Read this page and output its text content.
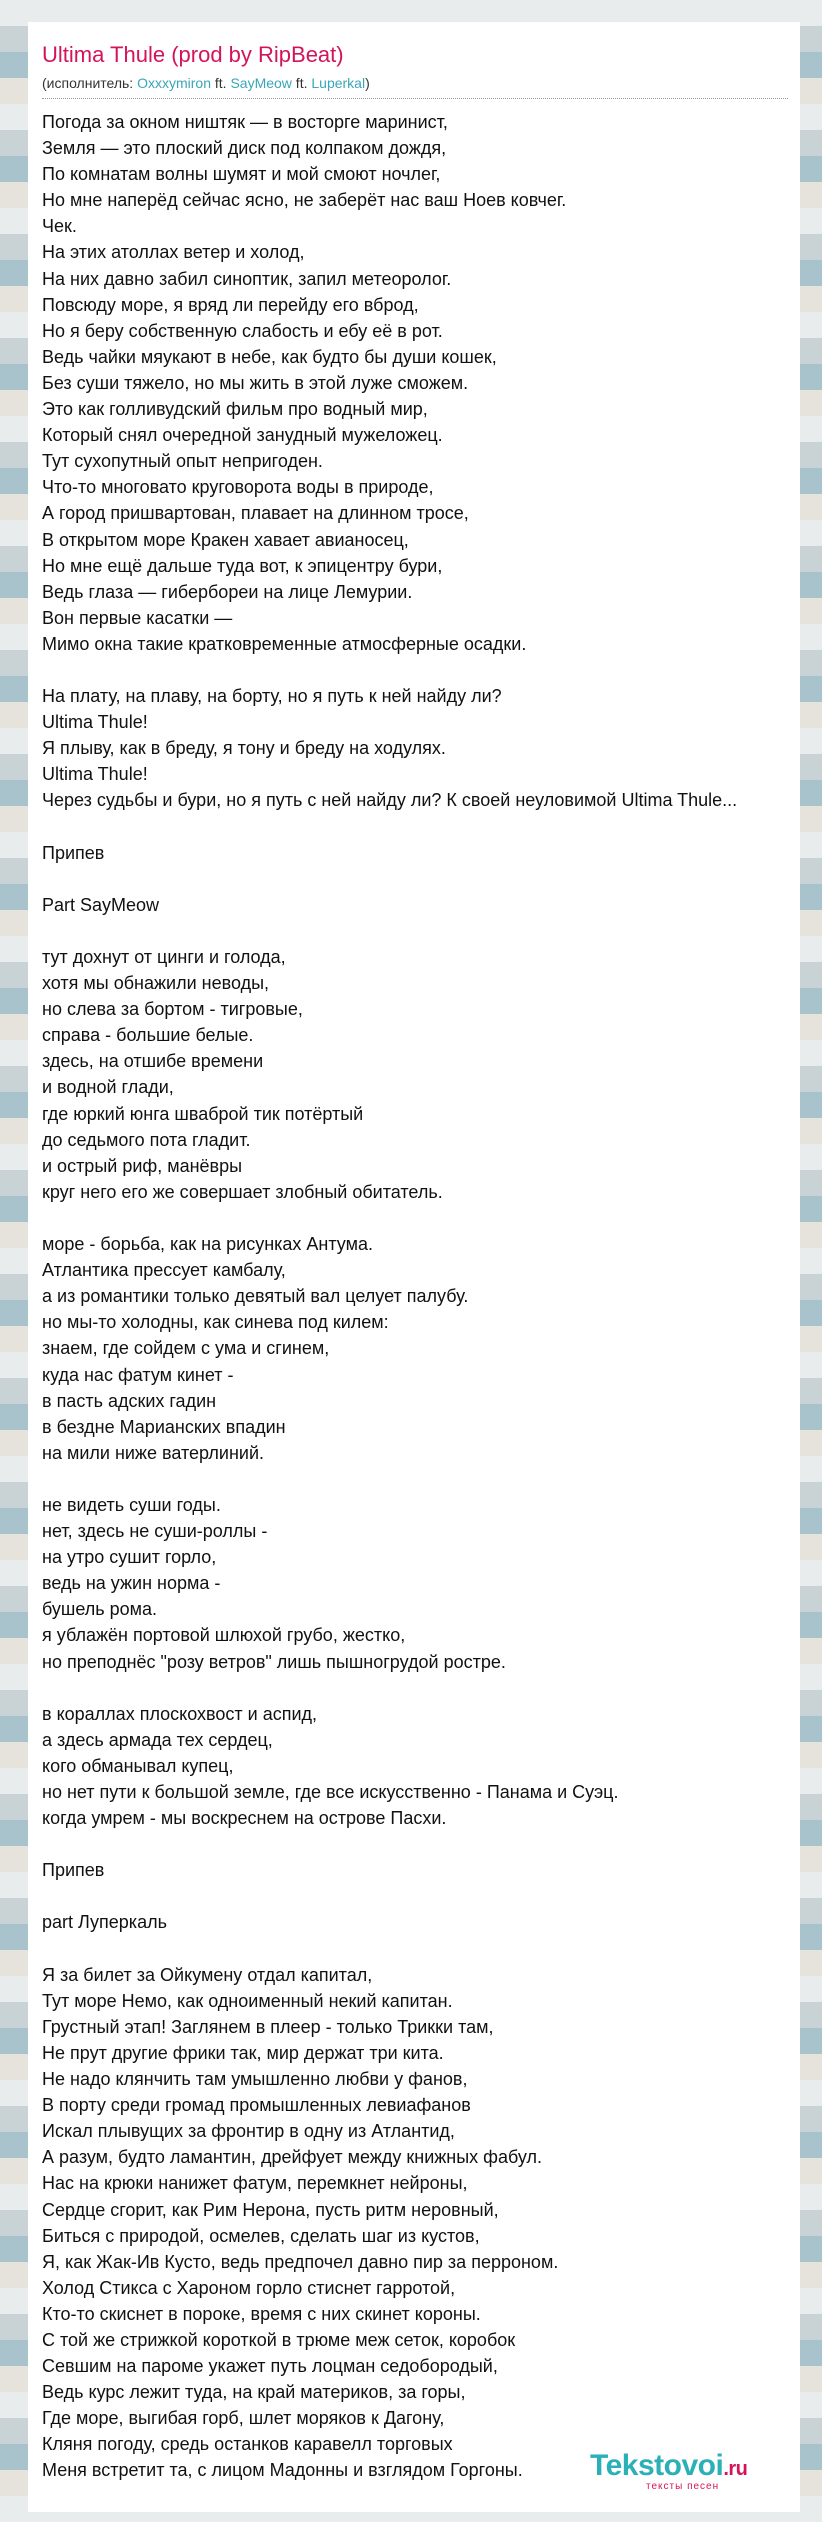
Ultima Thule (prod by RipBeat)
(исполнитель: Oxxxymiron ft. SayMeow ft. Luperkal)
Погода за окном ништяк — в восторге маринист,
Земля — это плоский диск под колпаком дождя,
По комнатам волны шумят и мой смоют ночлег,
Но мне наперёд сейчас ясно, не заберёт нас ваш Ноев ковчег.
Чек.
На этих атоллах ветер и холод,
На них давно забил синоптик, запил метеоролог.
Повсюду море, я вряд ли перейду его вброд,
Но я беру собственную слабость и ебу её в рот.
Ведь чайки мяукают в небе, как будто бы души кошек,
Без суши тяжело, но мы жить в этой луже сможем.
Это как голливудский фильм про водный мир,
Который снял очередной занудный мужеложец.
Тут сухопутный опыт непригоден.
Что-то многовато круговорота воды в природе,
А город пришвартован, плавает на длинном тросе,
В открытом море Кракен хавает авианосец,
Но мне ещё дальше туда вот, к эпицентру бури,
Ведь глаза — гибербореи на лице Лемурии.
Вон первые касатки —
Мимо окна такие кратковременные атмосферные осадки.

На плату, на плаву, на борту, но я путь к ней найду ли?
Ultima Thule!
Я плыву, как в бреду, я тону и бреду на ходулях.
Ultima Thule!
Через судьбы и бури, но я путь с ней найду ли? К своей неуловимой Ultima Thule...

Припев

Part SayMeow

тут дохнут от цинги и голода,
хотя мы обнажили неводы,
но слева за бортом - тигровые,
справа - большие белые.
здесь, на отшибе времени
и водной глади,
где юркий юнга шваброй тик потёртый
до седьмого пота гладит.
и острый риф, манёвры
круг него его же совершает злобный обитатель.

море - борьба, как на рисунках Антума.
Атлантика прессует камбалу,
а из романтики только девятый вал целует палубу.
но мы-то холодны, как синева под килем:
знаем, где сойдем с ума и сгинем,
куда нас фатум кинет -
в пасть адских гадин
в бездне Марианских впадин
на мили ниже ватерлиний.

не видеть суши годы.
нет, здесь не суши-роллы -
на утро сушит горло,
ведь на ужин норма -
бушель рома.
я ублажён портовой шлюхой грубо, жестко,
но преподнёс "розу ветров" лишь пышногрудой ростре.

в кораллах плоскохвост и аспид,
а здесь армада тех сердец,
кого обманывал купец,
но нет пути к большой земле, где все искусственно - Панама и Суэц.
когда умрем - мы воскреснем на острове Пасхи.

Припев

part Луперкаль

Я за билет за Ойкумену отдал капитал,
Тут море Немо, как одноименный некий капитан.
Грустный этап! Заглянем в плеер - только Трикки там,
Не прут другие фрики так, мир держат три кита.
Не надо клянчить там умышленно любви у фанов,
В порту среди громад промышленных левиафанов
Искал плывущих за фронтир в одну из Атлантид,
А разум, будто ламантин, дрейфует между книжных фабул.
Нас на крюки нанижет фатум, перемкнет нейроны,
Сердце сгорит, как Рим Нерона, пусть ритм неровный,
Биться с природой, осмелев, сделать шаг из кустов,
Я, как Жак-Ив Кусто, ведь предпочел давно пир за перроном.
Холод Стикса с Хароном горло стиснет гарротой,
Кто-то скиснет в пороке, время с них скинет короны.
С той же стрижкой короткой в трюме меж сеток, коробок
Севшим на пароме укажет путь лоцман седобородый,
Ведь курс лежит туда, на край материков, за горы,
Где море, выгибая горб, шлет моряков к Дагону,
Кляня погоду, средь останков каравелл торговых
Меня встретит та, с лицом Мадонны и взглядом Горгоны.	Tekstovoi.ru
тексты песен
